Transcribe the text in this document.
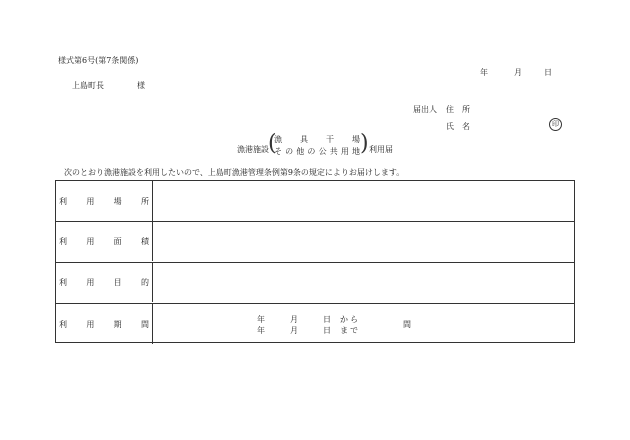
様式第6号(第7条関係)
年	月	日
上島町長	様
届出人 住　所
氏　名	印
漁港施設 (
漁具干場
その他の公共用地 ) 利用届
次のとおり漁港施設を利用したいので、上島町漁港管理条例第9条の規定によりお届けします。
利用場所
利用面積
利用目的
利用期間	年	月	日 から
年	月	日 まで
間
